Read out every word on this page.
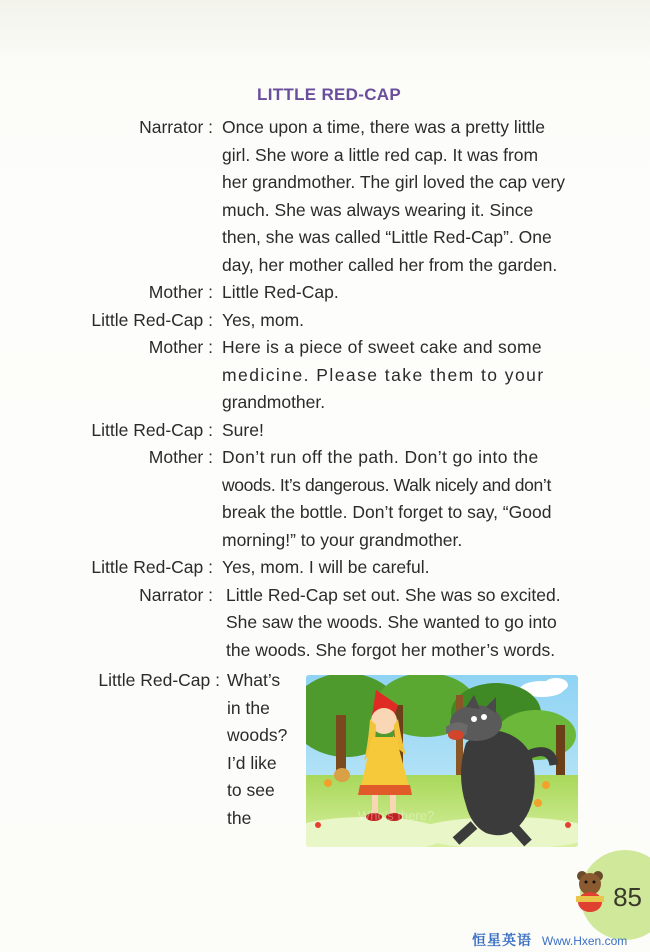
LITTLE RED-CAP
Narrator : Once upon a time, there was a pretty little
girl. She wore a little red cap. It was from
her grandmother. The girl loved the cap very
much. She was always wearing it. Since
then, she was called “Little Red-Cap”. One
day, her mother called her from the garden.
Mother : Little Red-Cap.
Little Red-Cap : Yes, mom.
Mother : Here is a piece of sweet cake and some
medicine. Please take them to your
grandmother.
Little Red-Cap : Sure!
Mother : Don’t run off the path. Don’t go into the
woods. It’s dangerous. Walk nicely and don’t
break the bottle. Don’t forget to say, “Good
morning!” to your grandmother.
Little Red-Cap : Yes, mom. I will be careful.
Narrator : Little Red-Cap set out. She was so excited.
She saw the woods. She wanted to go into
the woods. She forgot her mother’s words.
Little Red-Cap : What’s
in the
woods?
I’d like
to see
the	Who's there?
85
恒星英语 Www.Hxen.com
